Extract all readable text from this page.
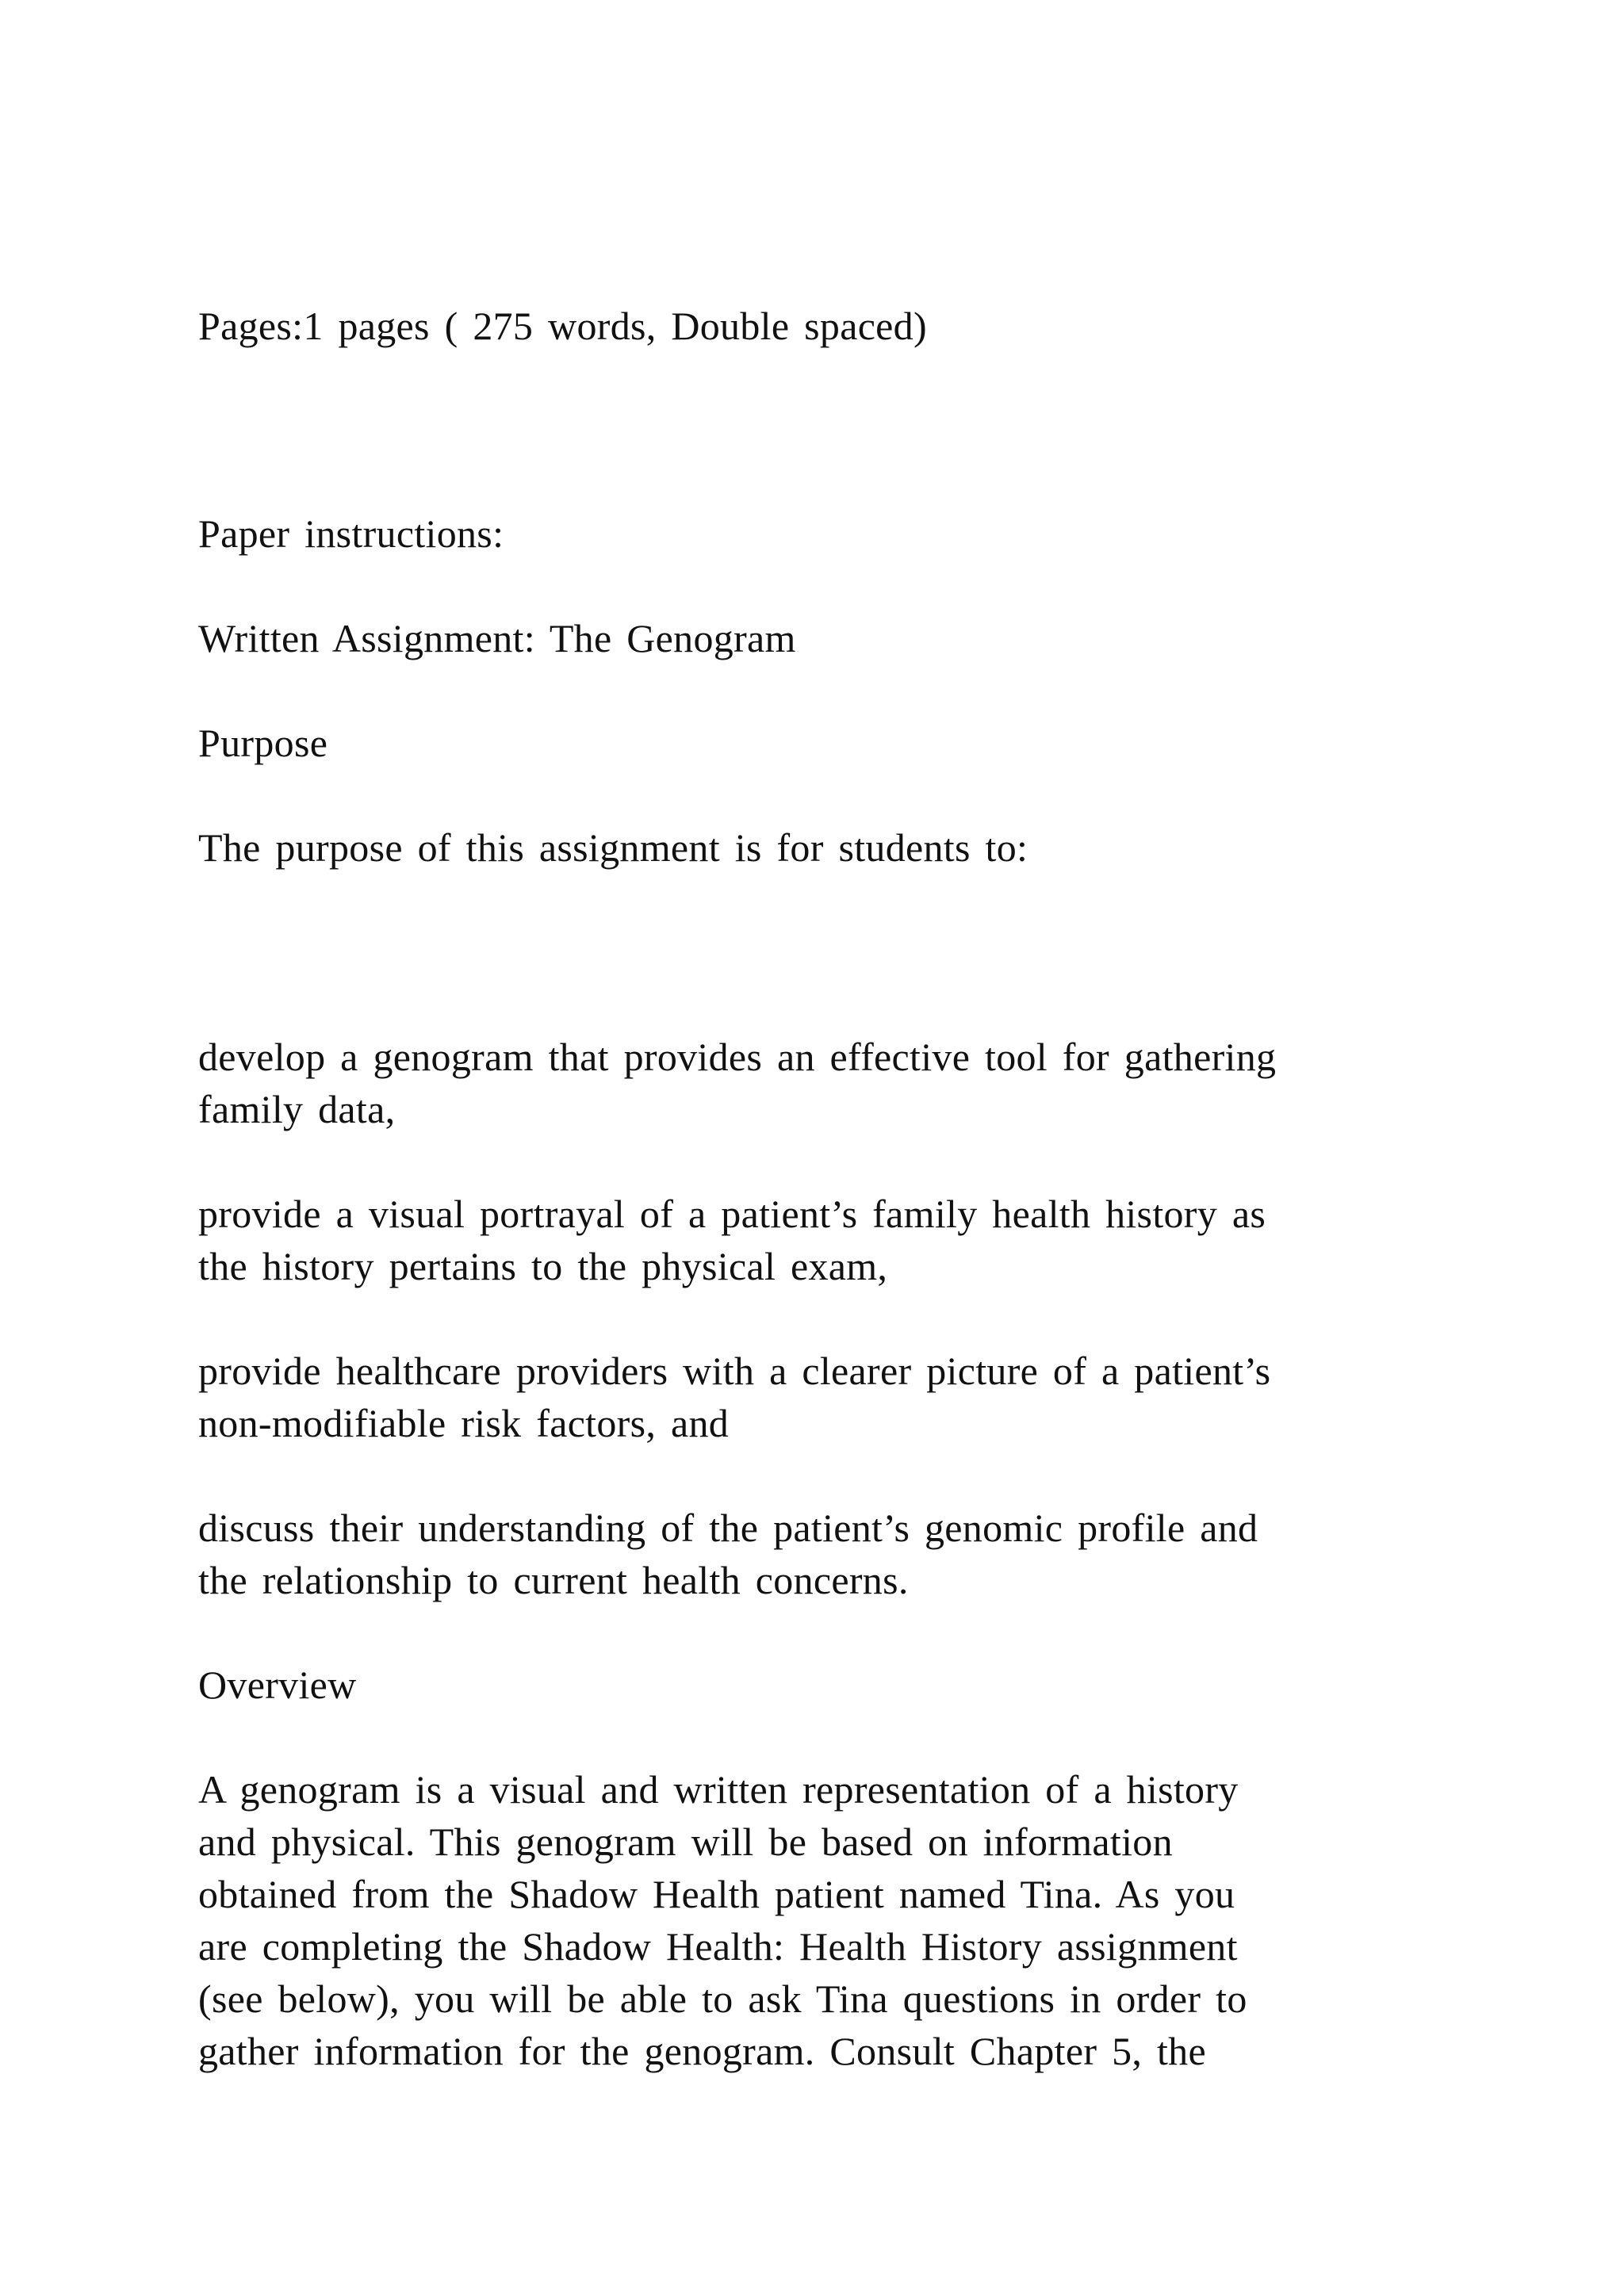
Pages:1 pages ( 275 words, Double spaced)
Paper instructions:
Written Assignment: The Genogram
Purpose
The purpose of this assignment is for students to:
develop a genogram that provides an effective tool for gathering
family data,
provide a visual portrayal of a patient’s family health history as
the history pertains to the physical exam,
provide healthcare providers with a clearer picture of a patient’s
non-modifiable risk factors, and
discuss their understanding of the patient’s genomic profile and
the relationship to current health concerns.
Overview
A genogram is a visual and written representation of a history
and physical. This genogram will be based on information
obtained from the Shadow Health patient named Tina. As you
are completing the Shadow Health: Health History assignment
(see below), you will be able to ask Tina questions in order to
gather information for the genogram. Consult Chapter 5, the
